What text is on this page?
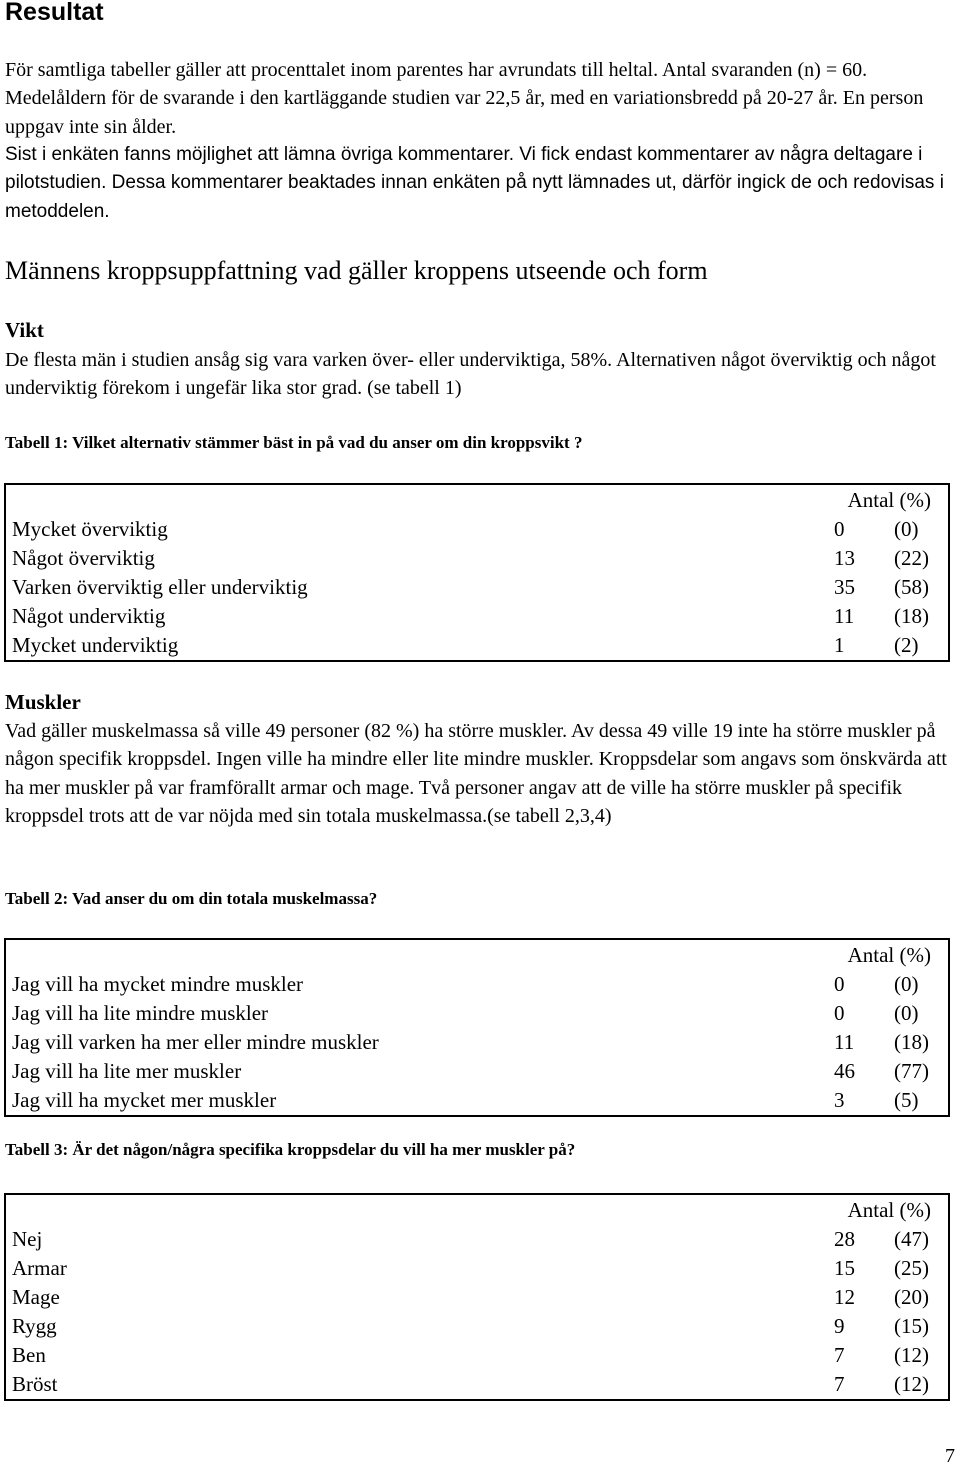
Resultat

För samtliga tabeller gäller att procenttalet inom parentes har avrundats till heltal. Antal svaranden (n) = 60. Medelåldern för de svarande i den kartläggande studien var 22,5 år, med en variationsbredd på 20-27 år. En person uppgav inte sin ålder.

Sist i enkäten fanns möjlighet att lämna övriga kommentarer. Vi fick endast kommentarer av några deltagare i pilotstudien. Dessa kommentarer beaktades innan enkäten på nytt lämnades ut, därför ingick de och redovisas i metoddelen.

Männens kroppsuppfattning vad gäller kroppens utseende och form
Vikt

De flesta män i studien ansåg sig vara varken över- eller underviktiga, 58%. Alternativen något överviktig och något underviktig förekom i ungefär lika stor grad. (se tabell 1)

Tabell 1: Vilket alternativ stämmer bäst in på vad du anser om din kroppsvikt ?
Antal (%)
Mycket överviktig	0 (0)
Något överviktig	13 (22)
Varken överviktig eller underviktig	35 (58)
Något underviktig	11 (18)
Mycket underviktig	1 (2)
Muskler

Vad gäller muskelmassa så ville 49 personer (82 %) ha större muskler. Av dessa 49 ville 19 inte ha större muskler på någon specifik kroppsdel. Ingen ville ha mindre eller lite mindre muskler. Kroppsdelar som angavs som önskvärda att ha mer muskler på var framförallt armar och mage. Två personer angav att de ville ha större muskler på specifik kroppsdel trots att de var nöjda med sin totala muskelmassa.(se tabell 2,3,4)

Tabell 2: Vad anser du om din totala muskelmassa?
Antal (%)
Jag vill ha mycket mindre muskler	0 (0)
Jag vill ha lite mindre muskler	0 (0)
Jag vill varken ha mer eller mindre muskler	11 (18)
Jag vill ha lite mer muskler	46 (77)
Jag vill ha mycket mer muskler	3 (5)
Tabell 3: Är det någon/några specifika kroppsdelar du vill ha mer muskler på?
Antal (%)
Nej	28 (47)
Armar	15 (25)
Mage	12 (20)
Rygg	9 (15)
Ben	7 (12)
Bröst	7 (12)
7
